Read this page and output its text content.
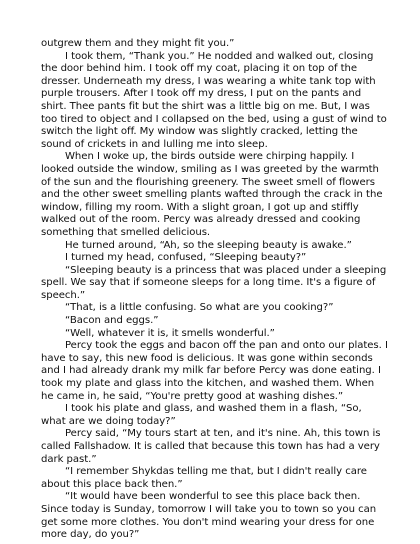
outgrew them and they might fit you.”

I took them, “Thank you.” He nodded and walked out, closing the door behind him. I took off my coat, placing it on top of the dresser. Underneath my dress, I was wearing a white tank top with purple trousers. After I took off my dress, I put on the pants and shirt. Thee pants fit but the shirt was a little big on me. But, I was too tired to object and I collapsed on the bed, using a gust of wind to switch the light off. My window was slightly cracked, letting the sound of crickets in and lulling me into sleep.

When I woke up, the birds outside were chirping happily. I looked outside the window, smiling as I was greeted by the warmth of the sun and the flourishing greenery. The sweet smell of flowers and the other sweet smelling plants wafted through the crack in the window, filling my room. With a slight groan, I got up and stiffly walked out of the room. Percy was already dressed and cooking something that smelled delicious.

He turned around, “Ah, so the sleeping beauty is awake.”

I turned my head, confused, “Sleeping beauty?”

“Sleeping beauty is a princess that was placed under a sleeping spell. We say that if someone sleeps for a long time. It's a figure of speech.”

“That, is a little confusing. So what are you cooking?”

“Bacon and eggs.”

“Well, whatever it is, it smells wonderful.”

Percy took the eggs and bacon off the pan and onto our plates. I have to say, this new food is delicious. It was gone within seconds and I had already drank my milk far before Percy was done eating. I took my plate and glass into the kitchen, and washed them. When he came in, he said, “You're pretty good at washing dishes.”

I took his plate and glass, and washed them in a flash, “So, what are we doing today?”

Percy said, “My tours start at ten, and it's nine. Ah, this town is called Fallshadow. It is called that because this town has had a very dark past.”

“I remember Shykdas telling me that, but I didn't really care about this place back then.”

“It would have been wonderful to see this place back then. Since today is Sunday, tomorrow I will take you to town so you can get some more clothes. You don't mind wearing your dress for one more day, do you?”
